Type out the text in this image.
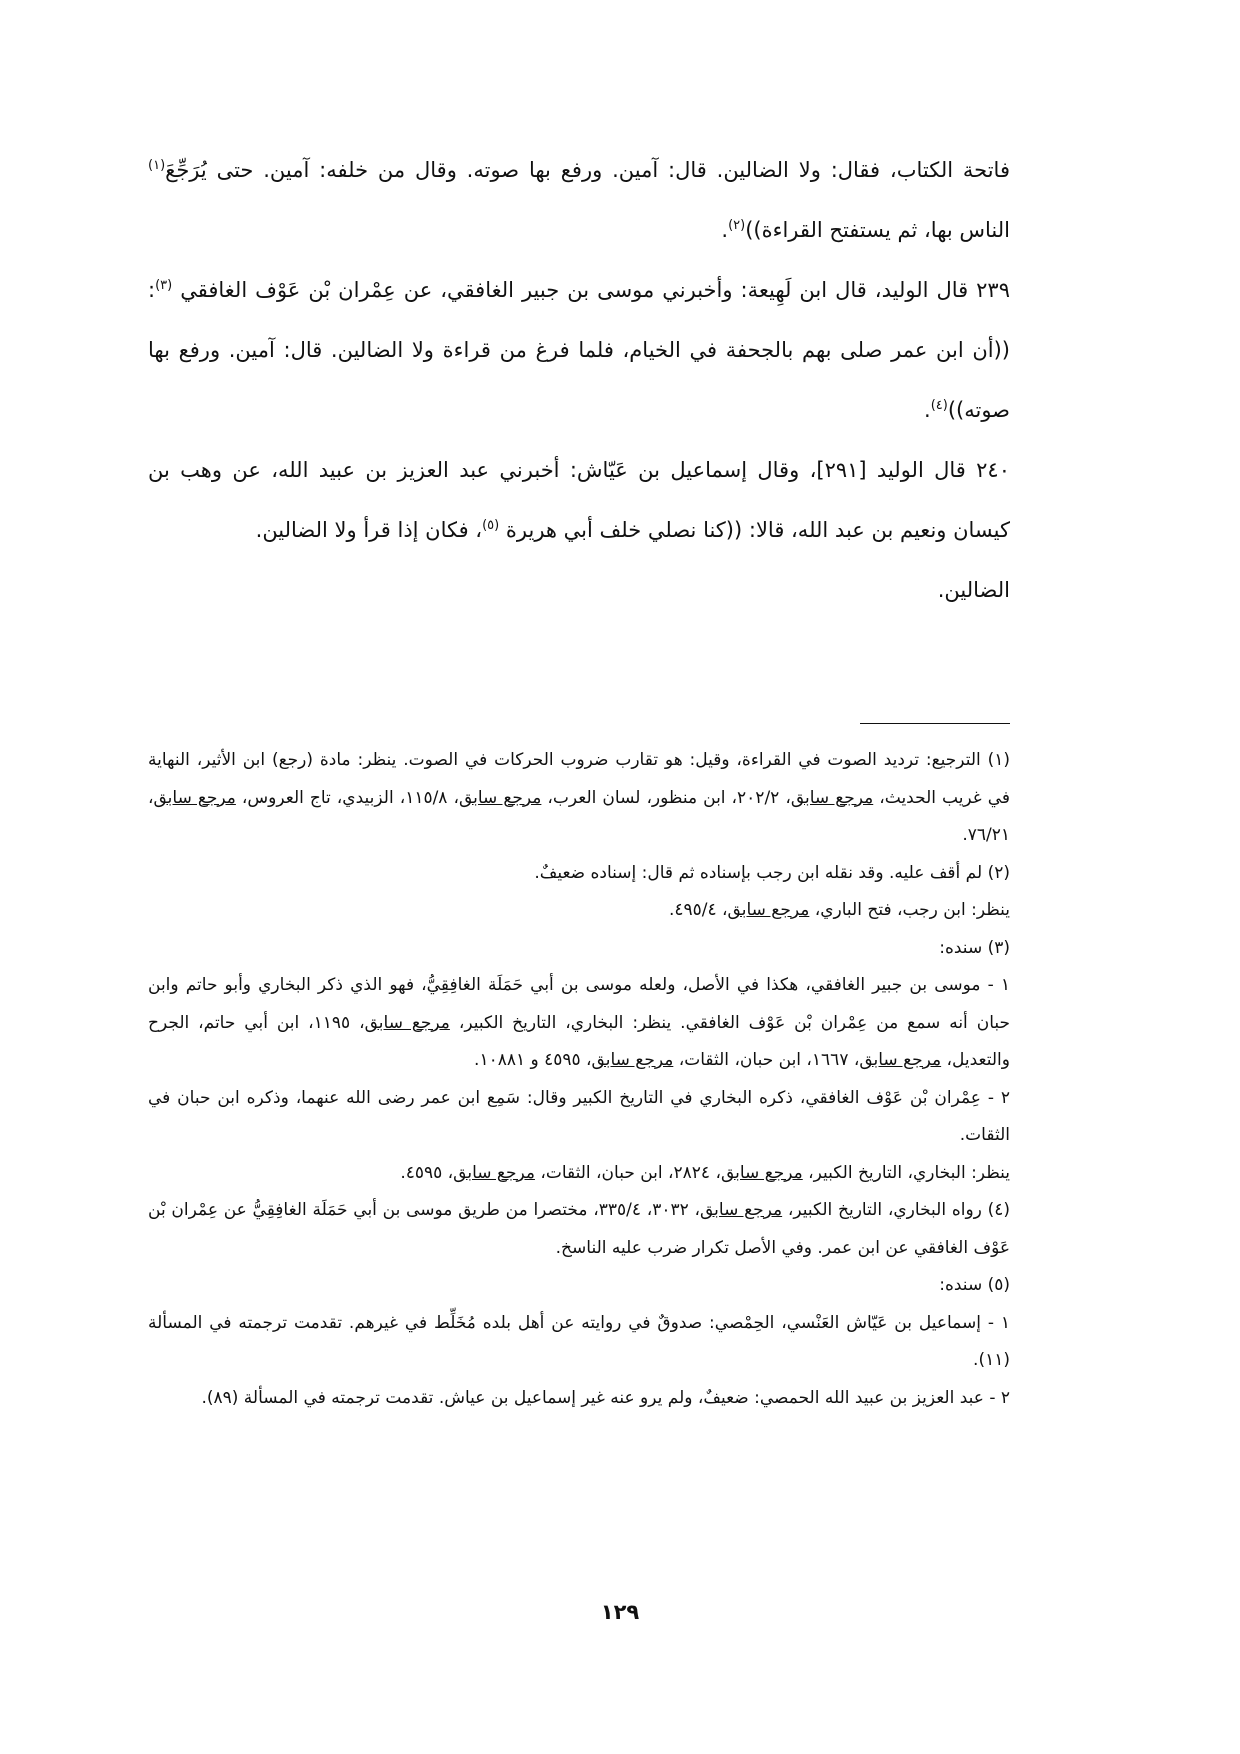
فاتحة الكتاب، فقال: ولا الضالين. قال: آمين. ورفع بها صوته. وقال من خلفه: آمين. حتى يُرَجِّعَ$^{(١)}$ الناس بها، ثم يستفتح القراءة))$^{(٢)}$.

٢٣٩ قال الوليد، قال ابن لَهِيعة: وأخبرني موسى بن جبير الغافقي، عن عِمْران بْن عَوْف الغافقي $^{(٣)}$: ((أن ابن عمر صلى بهم بالجحفة في الخيام، فلما فرغ من قراءة ولا الضالين. قال: آمين. ورفع بها صوته))$^{(٤)}$.

٢٤٠ قال الوليد [٢٩١]، وقال إسماعيل بن عَيّاش: أخبرني عبد العزيز بن عبيد الله، عن وهب بن كيسان ونعيم بن عبد الله، قالا: ((كنا نصلي خلف أبي هريرة $^{(٥)}$، فكان إذا قرأ ولا الضالين.

الضالين.

(١) الترجيع: ترديد الصوت في القراءة، وقيل: هو تقارب ضروب الحركات في الصوت. ينظر: مادة (رجع) ابن الأثير، النهاية في غريب الحديث، مرجع سابق، ٢٠٢/٢، ابن منظور، لسان العرب، مرجع سابق، ١١٥/٨، الزبيدي، تاج العروس، مرجع سابق، ٧٦/٢١.

(٢) لم أقف عليه. وقد نقله ابن رجب بإسناده ثم قال: إسناده ضعيفٌ.

ينظر: ابن رجب، فتح الباري، مرجع سابق، ٤٩٥/٤.

(٣) سنده:

١ - موسى بن جبير الغافقي، هكذا في الأصل، ولعله موسى بن أبي حَمَلَة الغافِقِيُّ، فهو الذي ذكر البخاري وأبو حاتم وابن حبان أنه سمع من عِمْران بْن عَوْف الغافقي. ينظر: البخاري، التاريخ الكبير، مرجع سابق، ١١٩٥، ابن أبي حاتم، الجرح والتعديل، مرجع سابق، ١٦٦٧، ابن حبان، الثقات، مرجع سابق، ٤٥٩٥ و ١٠٨٨١.

٢ - عِمْران بْن عَوْف الغافقي، ذكره البخاري في التاريخ الكبير وقال: سَمِع ابن عمر رضى الله عنهما، وذكره ابن حبان في الثقات.

ينظر: البخاري، التاريخ الكبير، مرجع سابق، ٢٨٢٤، ابن حبان، الثقات، مرجع سابق، ٤٥٩٥.

(٤) رواه البخاري، التاريخ الكبير، مرجع سابق، ٣٠٣٢، ٣٣٥/٤، مختصرا من طريق موسى بن أبي حَمَلَة الغافِقِيُّ عن عِمْران بْن عَوْف الغافقي عن ابن عمر. وفي الأصل تكرار ضرب عليه الناسخ.

(٥) سنده:

١ - إسماعيل بن عَيّاش العَنْسي، الحِمْصي: صدوقٌ في روايته عن أهل بلده مُخَلِّط في غيرهم. تقدمت ترجمته في المسألة (١١).

٢ - عبد العزيز بن عبيد الله الحمصي: ضعيفٌ، ولم يرو عنه غير إسماعيل بن عياش. تقدمت ترجمته في المسألة (٨٩).

١٢٩
